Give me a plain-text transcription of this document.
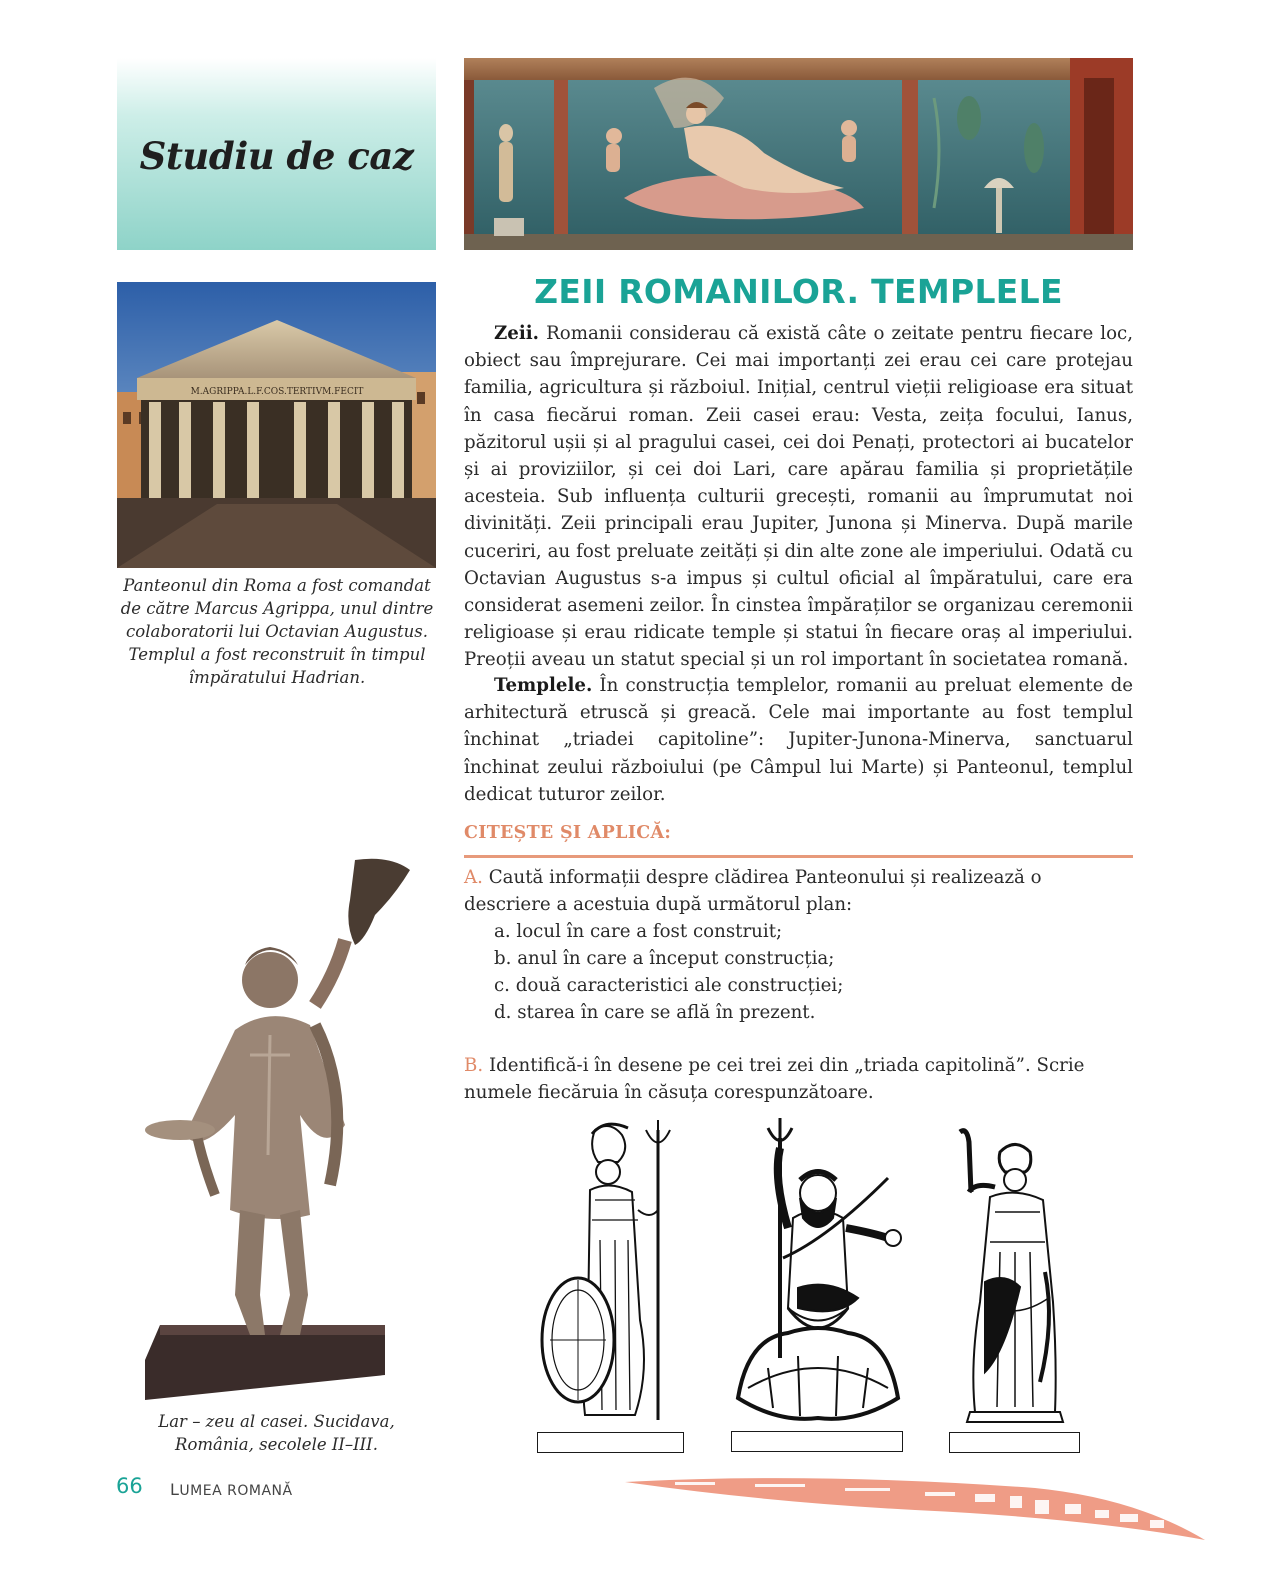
Studiu de caz
M.AGRIPPA.L.F.COS.TERTIVM.FECIT
Panteonul din Roma a fost comandat
de către Marcus Agrippa, unul dintre
colaboratorii lui Octavian Augustus.
Templul a fost reconstruit în timpul
împăratului Hadrian.
ZEII ROMANILOR. TEMPLELE

Zeii. Romanii considerau că există câte o zeitate pentru fiecare loc, obiect sau împrejurare. Cei mai importanți zei erau cei care protejau familia, agricultura și războiul. Inițial, centrul vieții religioase era situat în casa fiecărui roman. Zeii casei erau: Vesta, zeița focului, Ianus, păzitorul ușii și al pragului casei, cei doi Penați, protectori ai bucatelor și ai proviziilor, și cei doi Lari, care apărau familia și proprietățile acesteia. Sub influența culturii grecești, romanii au împrumutat noi divinități. Zeii principali erau Jupiter, Junona și Minerva. După marile cuceriri, au fost preluate zeități și din alte zone ale imperiului. Odată cu Octavian Augustus s-a impus și cultul oficial al împăratului, care era considerat asemeni zeilor. În cinstea împăraților se organizau ceremonii religioase și erau ridicate temple și statui în fiecare oraș al imperiului. Preoții aveau un statut special și un rol important în societatea romană.

Templele. În construcția templelor, romanii au preluat elemente de arhitectură etruscă și greacă. Cele mai importante au fost templul închinat „triadei capitoline”: Jupiter-Junona-Minerva, sanctuarul închinat zeului războiului (pe Câmpul lui Marte) și Panteonul, templul dedicat tuturor zeilor.

CITEȘTE ȘI APLICĂ:
A. Caută informații despre clădirea Panteonului și realizează o descriere a acestuia după următorul plan:
a. locul în care a fost construit;
b. anul în care a început construcția;
c. două caracteristici ale construcției;
d. starea în care se află în prezent.
B. Identifică-i în desene pe cei trei zei din „triada capitolină”. Scrie numele fiecăruia în căsuța corespunzătoare.
Lar – zeu al casei. Sucidava,
România, secolele II–III.
66 LUMEA ROMANĂ
